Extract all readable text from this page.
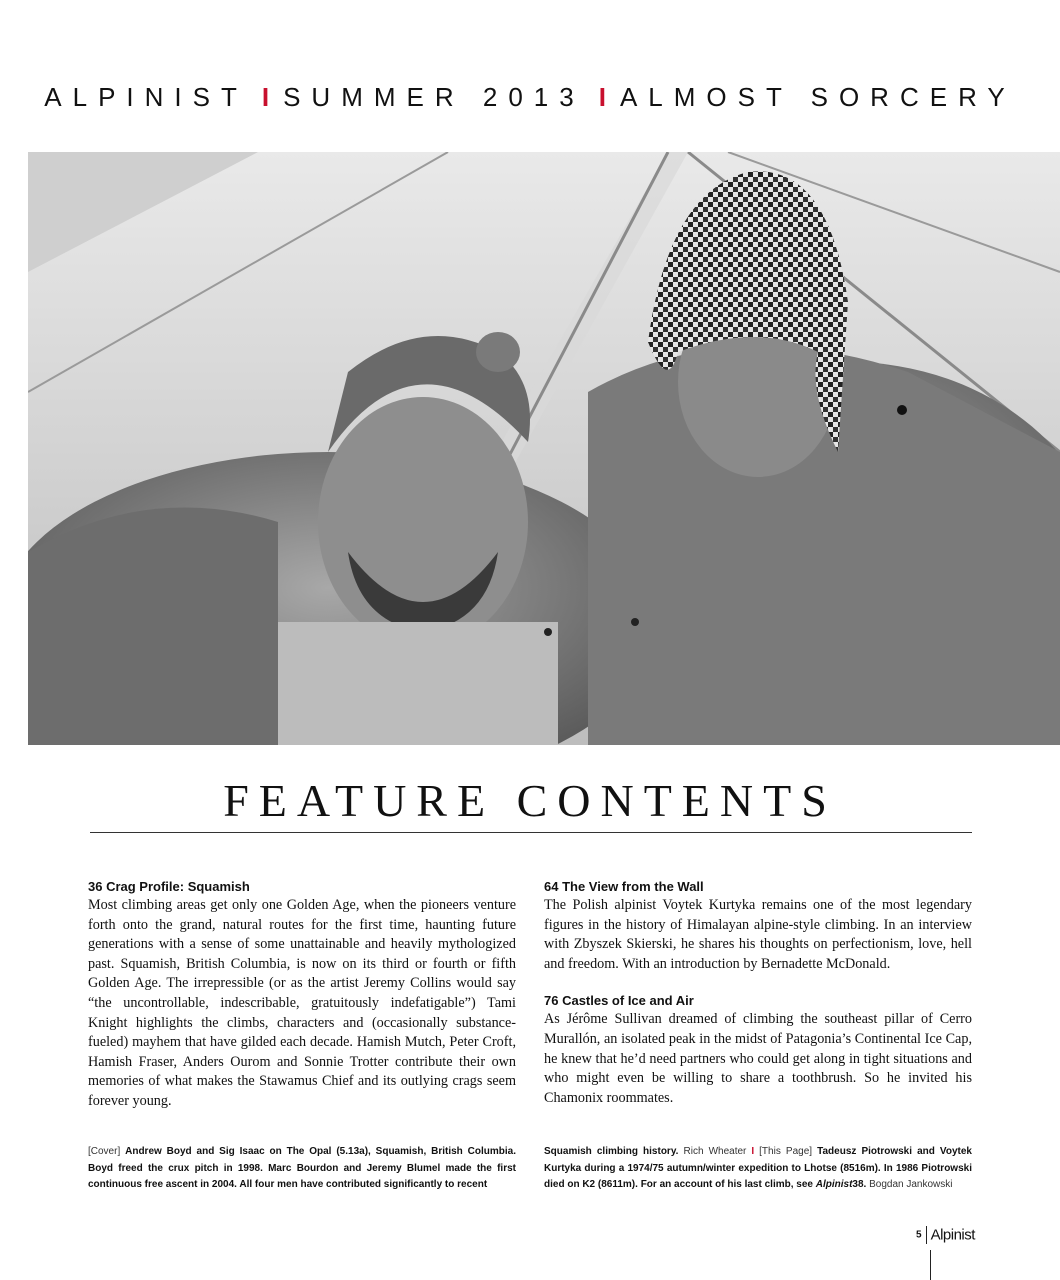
ALPINIST I SUMMER 2013 I ALMOST SORCERY
FEATURE CONTENTS
36 Crag Profile: Squamish
Most climbing areas get only one Golden Age, when the pioneers venture forth onto the grand, natural routes for the first time, haunting future generations with a sense of some unattainable and heavily mythologized past. Squamish, British Columbia, is now on its third or fourth or fifth Golden Age. The irrepressible (or as the artist Jeremy Collins would say “the uncontrollable, indescribable, gratuitously indefatigable”) Tami Knight highlights the climbs, characters and (occasionally substance-fueled) mayhem that have gilded each decade. Hamish Mutch, Peter Croft, Hamish Fraser, Anders Ourom and Sonnie Trotter contribute their own memories of what makes the Stawamus Chief and its outlying crags seem forever young.
64 The View from the Wall
The Polish alpinist Voytek Kurtyka remains one of the most legendary figures in the history of Himalayan alpine-style climbing. In an interview with Zbyszek Skierski, he shares his thoughts on perfectionism, love, hell and freedom. With an introduction by Bernadette McDonald.
76 Castles of Ice and Air
As Jérôme Sullivan dreamed of climbing the southeast pillar of Cerro Murallón, an isolated peak in the midst of Patagonia’s Continental Ice Cap, he knew that he’d need partners who could get along in tight situations and who might even be willing to share a toothbrush. So he invited his Chamonix roommates.
[Cover] Andrew Boyd and Sig Isaac on The Opal (5.13a), Squamish, British Columbia. Boyd freed the crux pitch in 1998. Marc Bourdon and Jeremy Blumel made the first continuous free ascent in 2004. All four men have contributed significantly to recent
Squamish climbing history. Rich Wheater I [This Page] Tadeusz Piotrowski and Voytek Kurtyka during a 1974/75 autumn/winter expedition to Lhotse (8516m). In 1986 Piotrowski died on K2 (8611m). For an account of his last climb, see Alpinist38. Bogdan Jankowski
5 Alpinist
